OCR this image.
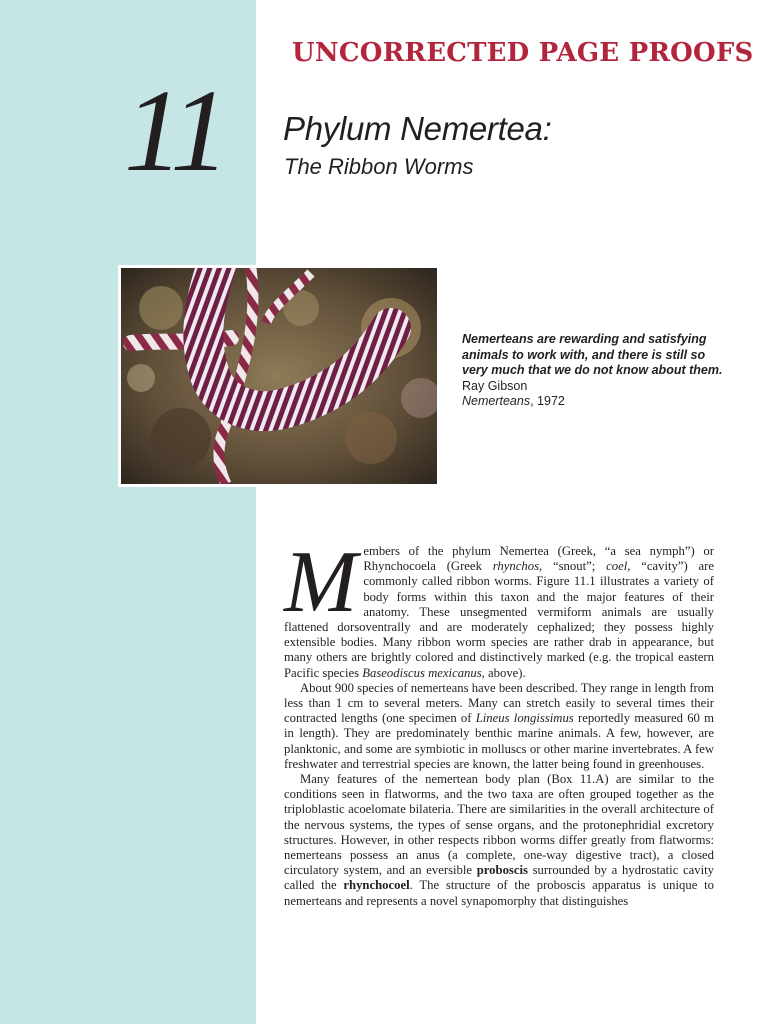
UNCORRECTED PAGE PROOFS
11 Phylum Nemertea:
The Ribbon Worms

Nemerteans are rewarding and satisfying animals to work with, and there is still so very much that we do not know about them.

Ray Gibson

Nemerteans, 1972

Members of the phylum Nemertea (Greek, “a sea nymph”) or Rhynchocoela (Greek rhynchos, “snout”; coel, “cavity”) are commonly called ribbon worms. Figure 11.1 illustrates a variety of body forms within this taxon and the major features of their anatomy. These unsegmented vermiform animals are usually flattened dorsoventrally and are moderately cephalized; they possess highly extensible bodies. Many ribbon worm species are rather drab in appearance, but many others are brightly colored and distinctively marked (e.g. the tropical eastern Pacific species Baseodiscus mexicanus, above).

About 900 species of nemerteans have been described. They range in length from less than 1 cm to several meters. Many can stretch easily to several times their contracted lengths (one specimen of Lineus longissimus reportedly measured 60 m in length). They are predominately benthic marine animals. A few, however, are planktonic, and some are symbiotic in molluscs or other marine invertebrates. A few freshwater and terrestrial species are known, the latter being found in greenhouses.

Many features of the nemertean body plan (Box 11.A) are similar to the conditions seen in flatworms, and the two taxa are often grouped together as the triploblastic acoelomate bilateria. There are similarities in the overall architecture of the nervous systems, the types of sense organs, and the protonephridial excretory structures. However, in other respects ribbon worms differ greatly from flatworms: nemerteans possess an anus (a complete, one-way digestive tract), a closed circulatory system, and an eversible proboscis surrounded by a hydrostatic cavity called the rhynchocoel. The structure of the proboscis apparatus is unique to nemerteans and represents a novel synapomorphy that distinguishes
